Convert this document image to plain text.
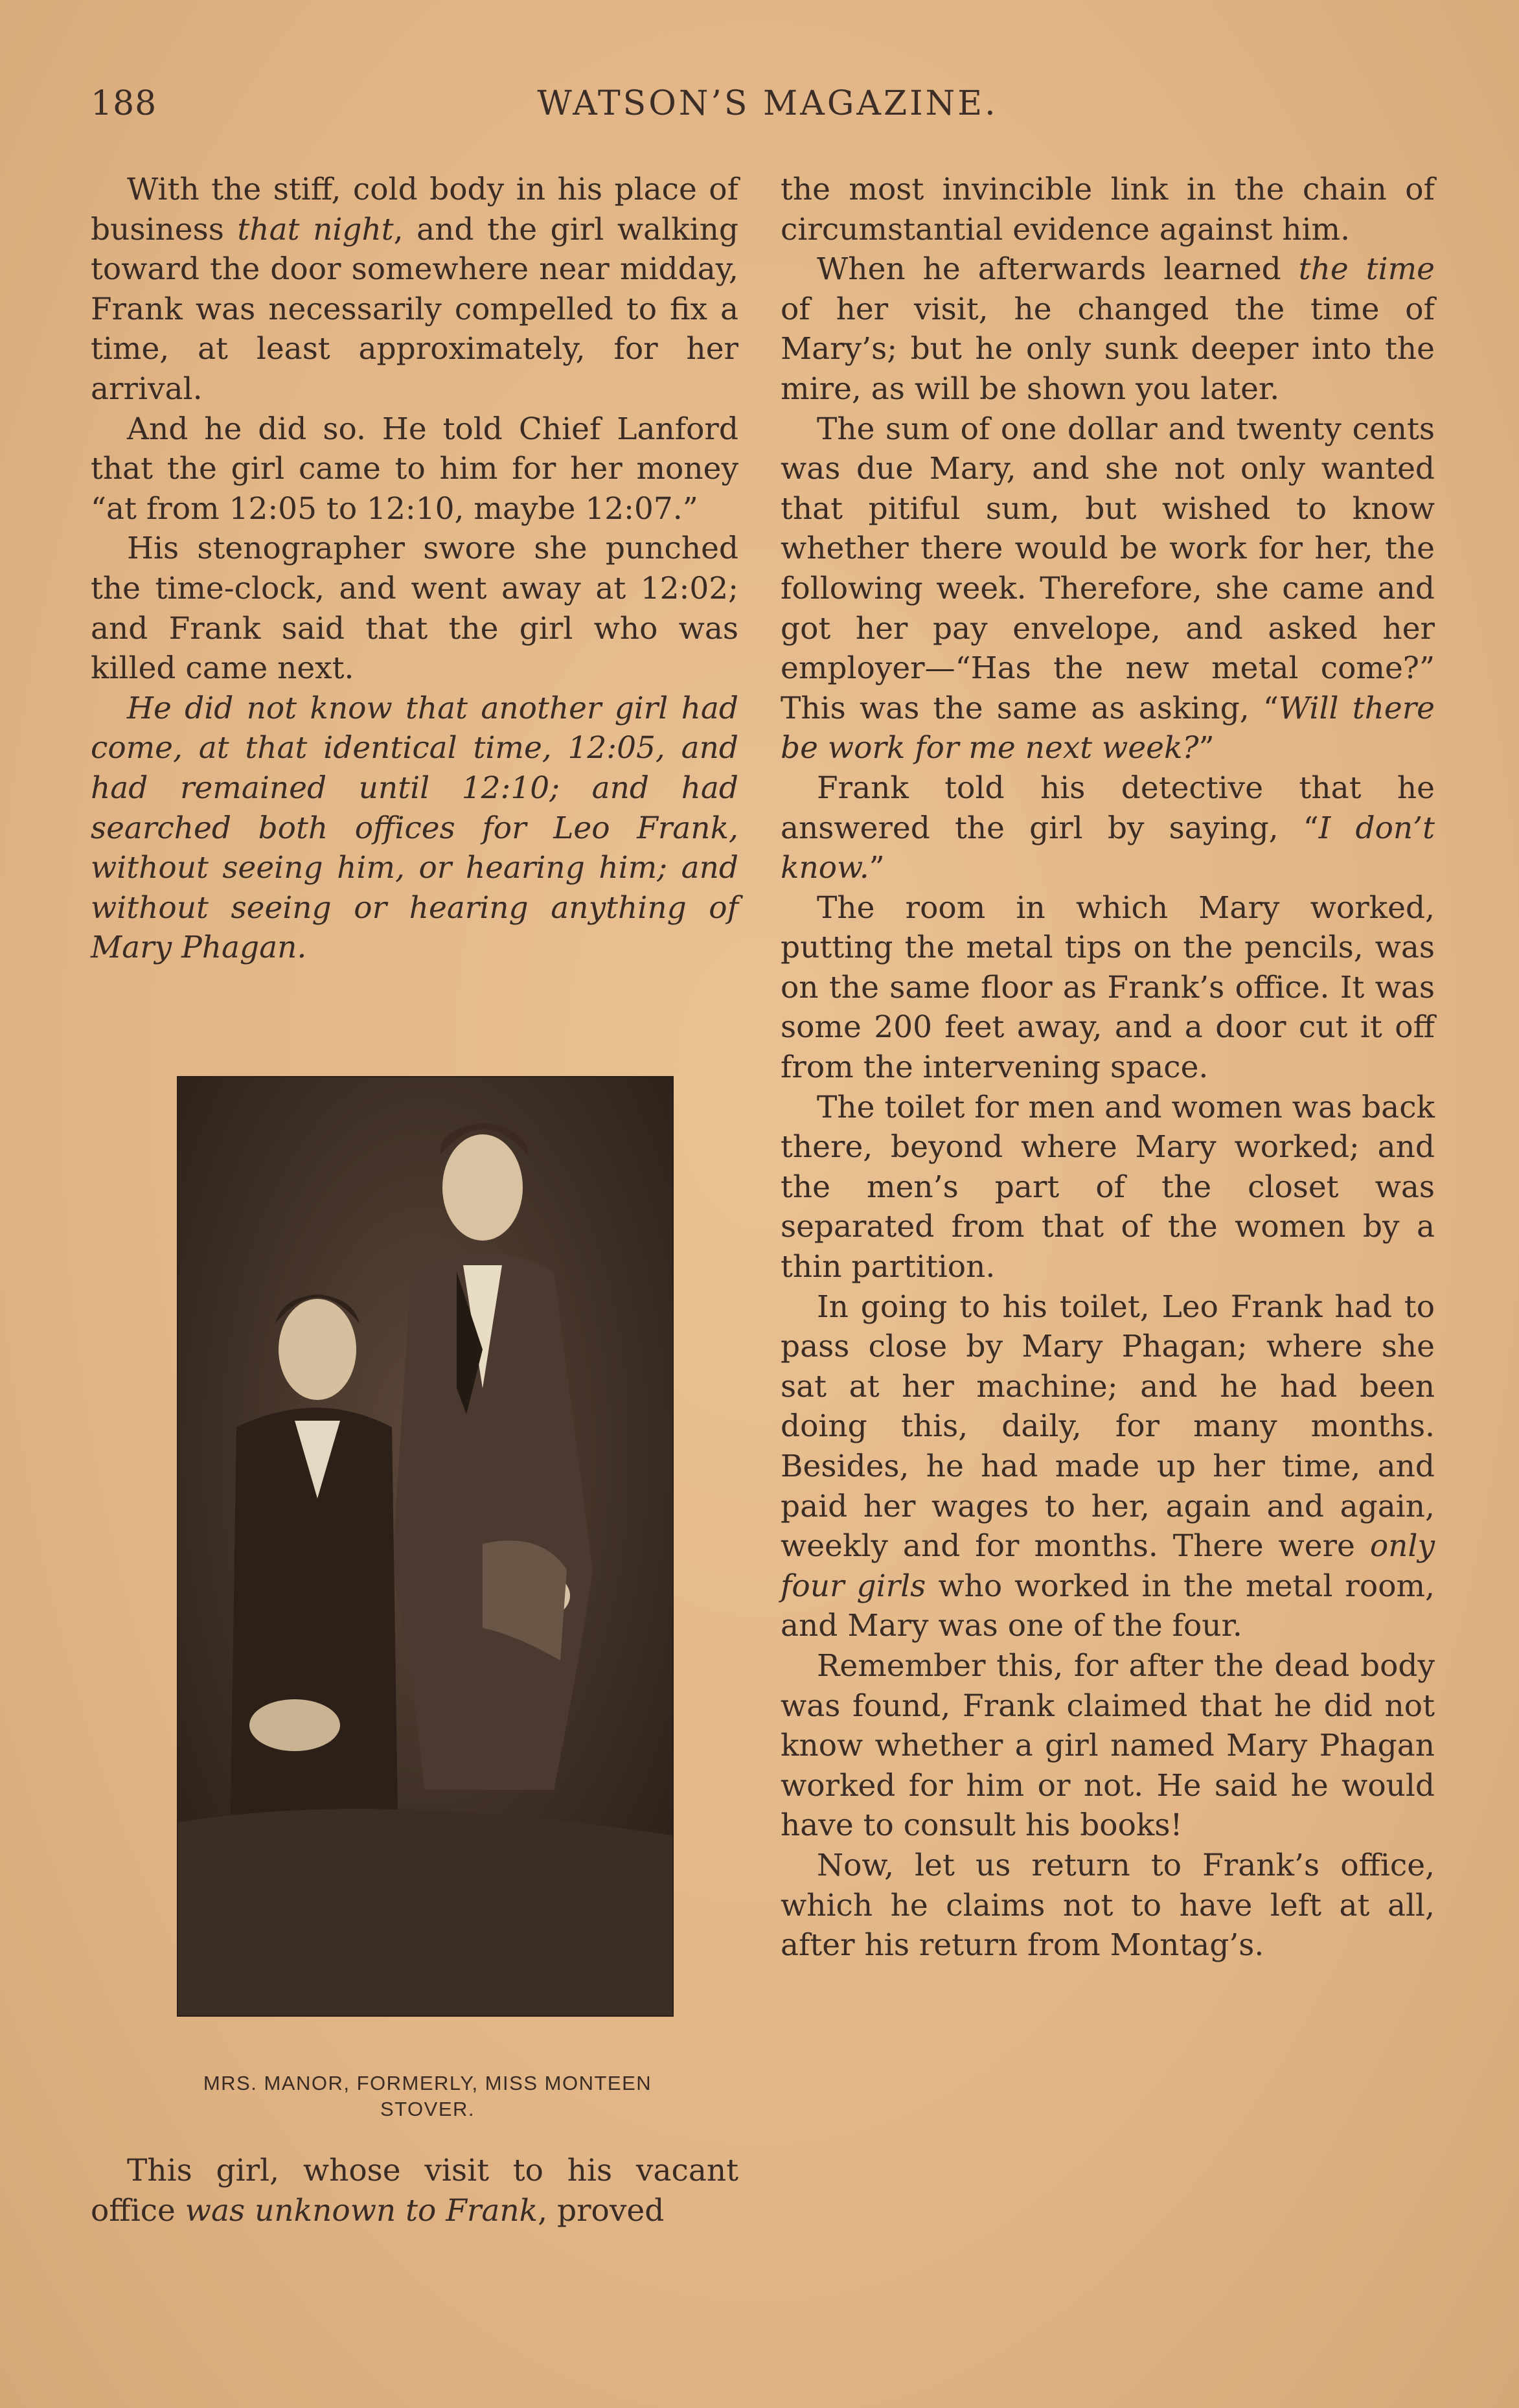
188	WATSON’S MAGAZINE.

With the stiff, cold body in his place of business that night, and the girl walking toward the door somewhere near midday, Frank was necessarily compelled to fix a time, at least approximately, for her arrival.

And he did so. He told Chief Lanford that the girl came to him for her money “at from 12:05 to 12:10, maybe 12:07.”

His stenographer swore she punched the time-clock, and went away at 12:02; and Frank said that the girl who was killed came next.

He did not know that another girl had come, at that identical time, 12:05, and had remained until 12:10; and had searched both offices for Leo Frank, without seeing him, or hearing him; and without seeing or hearing anything of Mary Phagan.

MRS. MANOR, FORMERLY, MISS MONTEEN
STOVER.

This girl, whose visit to his vacant office was unknown to Frank, proved

the most invincible link in the chain of circumstantial evidence against him.

When he afterwards learned the time of her visit, he changed the time of Mary’s; but he only sunk deeper into the mire, as will be shown you later.

The sum of one dollar and twenty cents was due Mary, and she not only wanted that pitiful sum, but wished to know whether there would be work for her, the following week. Therefore, she came and got her pay envelope, and asked her employer—“Has the new metal come?” This was the same as asking, “Will there be work for me next week?”

Frank told his detective that he answered the girl by saying, “I don’t know.”

The room in which Mary worked, putting the metal tips on the pencils, was on the same floor as Frank’s office. It was some 200 feet away, and a door cut it off from the intervening space.

The toilet for men and women was back there, beyond where Mary worked; and the men’s part of the closet was separated from that of the women by a thin partition.

In going to his toilet, Leo Frank had to pass close by Mary Phagan; where she sat at her machine; and he had been doing this, daily, for many months. Besides, he had made up her time, and paid her wages to her, again and again, weekly and for months. There were only four girls who worked in the metal room, and Mary was one of the four.

Remember this, for after the dead body was found, Frank claimed that he did not know whether a girl named Mary Phagan worked for him or not. He said he would have to consult his books!

Now, let us return to Frank’s office, which he claims not to have left at all, after his return from Montag’s.
